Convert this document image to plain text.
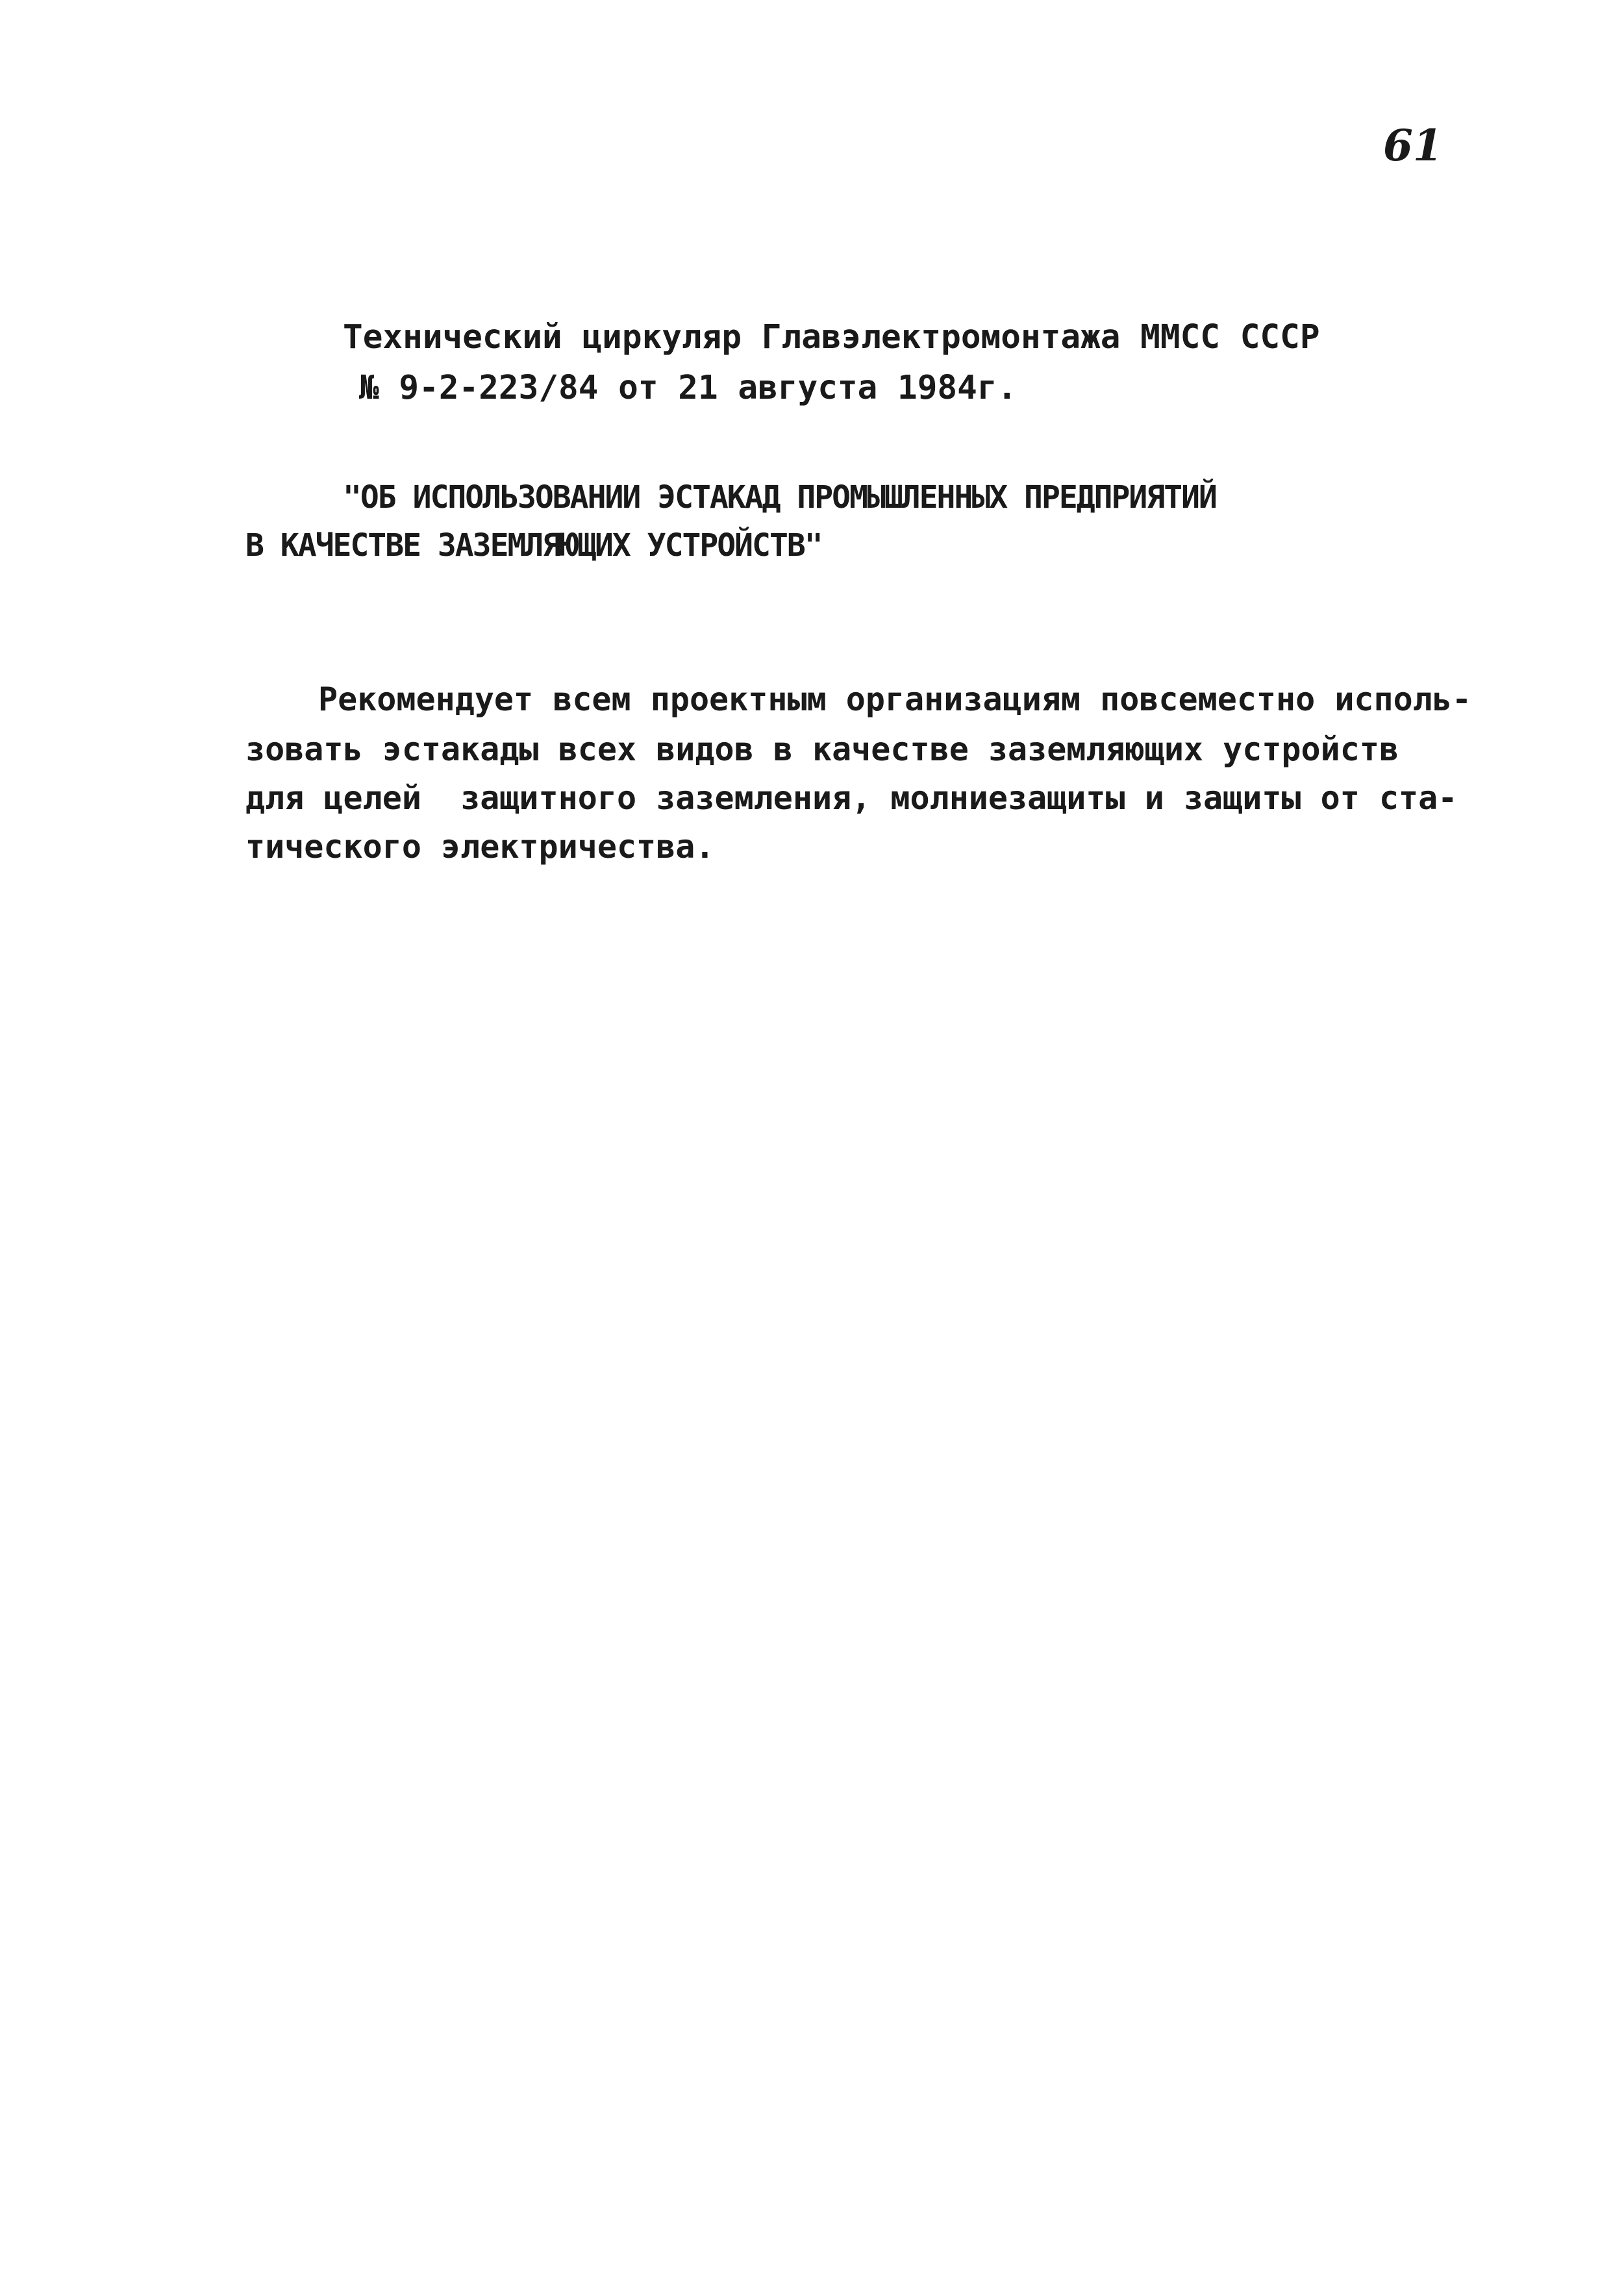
61
Технический циркуляр Главэлектромонтажа ММСС СССР
№ 9-2-223/84 от 21 августа 1984г.
"ОБ ИСПОЛЬЗОВАНИИ ЭСТАКАД ПРОМЫШЛЕННЫХ ПРЕДПРИЯТИЙ
В КАЧЕСТВЕ ЗАЗЕМЛЯЮЩИХ УСТРОЙСТВ"
Рекомендует всем проектным организациям повсеместно исполь-
зовать эстакады всех видов в качестве заземляющих устройств
для целей  защитного заземления, молниезащиты и защиты от ста-
тического электричества.
